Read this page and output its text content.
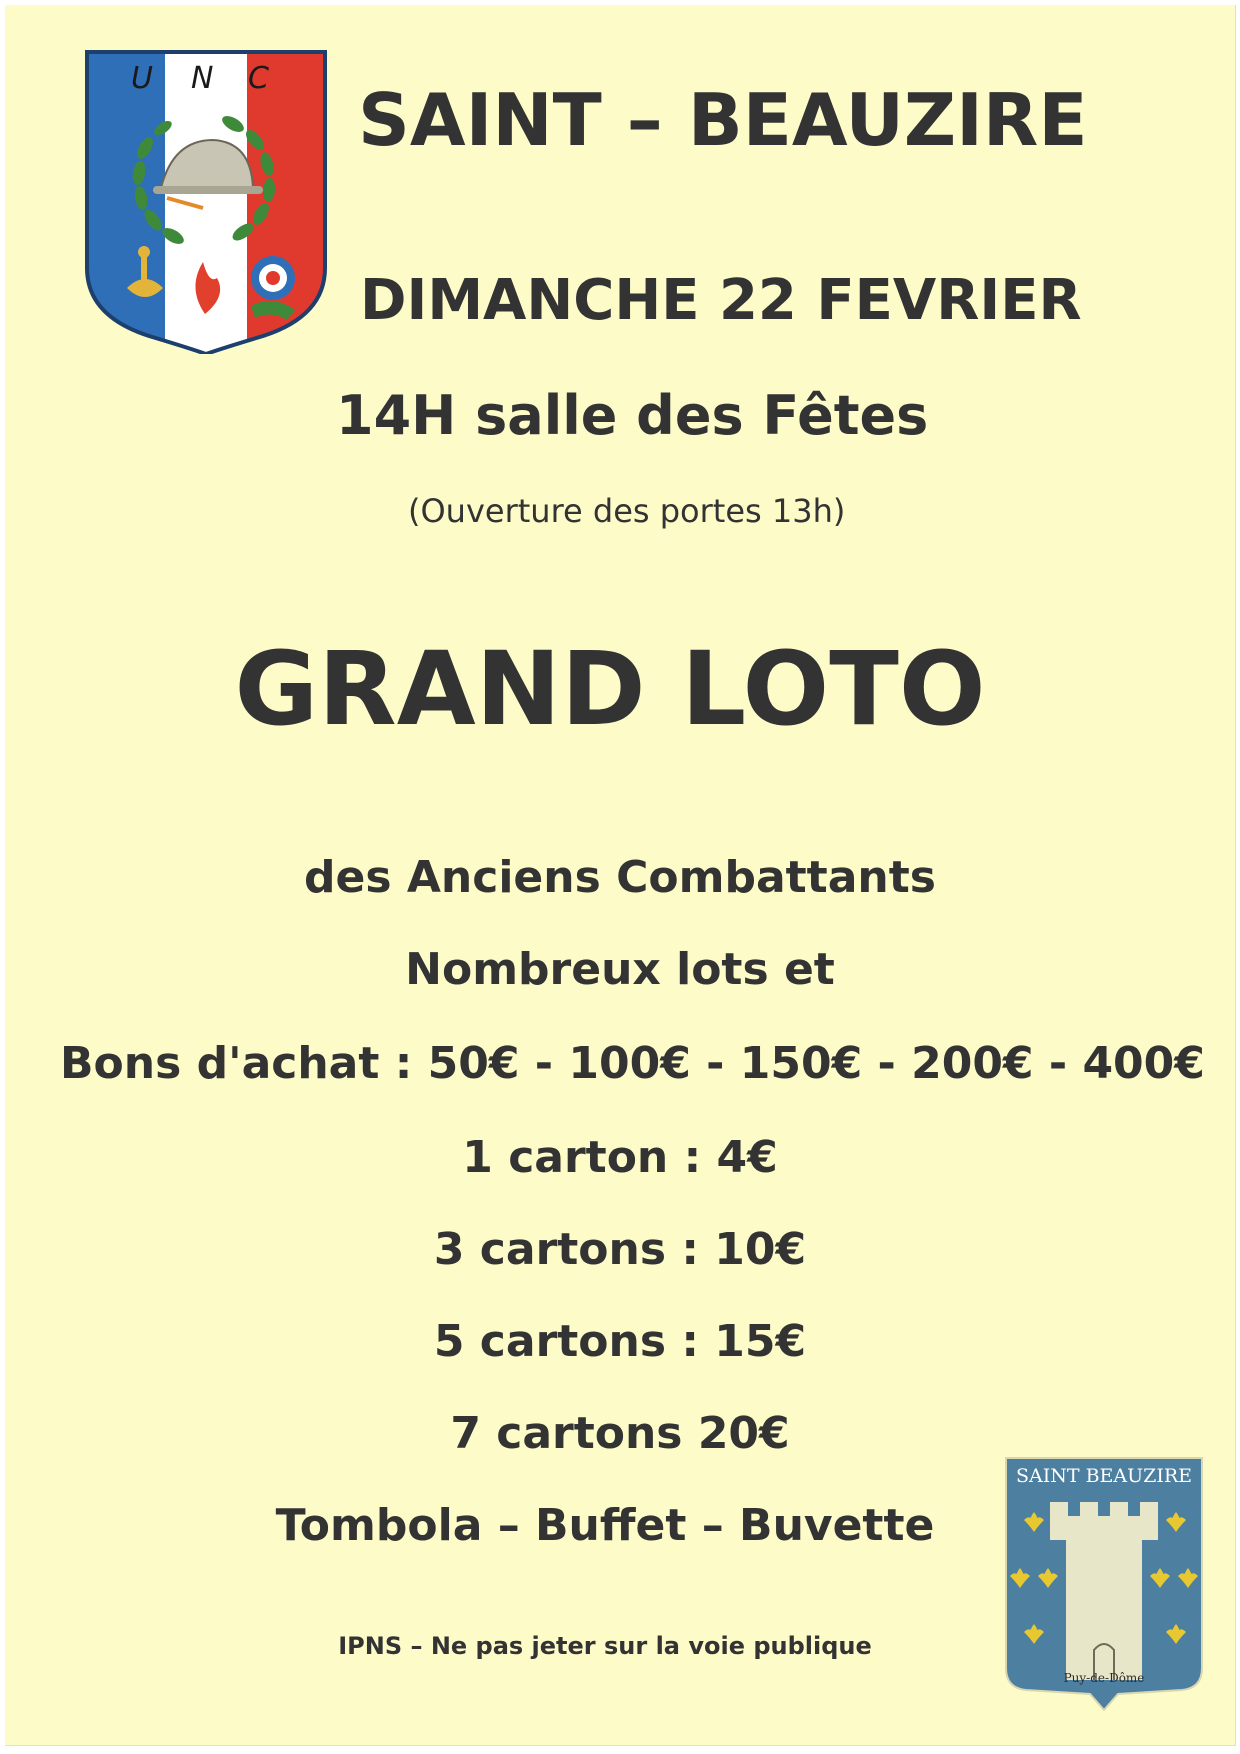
U N C SAINT – BEAUZIRE
DIMANCHE 22 FEVRIER
14H salle des Fêtes
(Ouverture des portes 13h)
GRAND LOTO
des Anciens Combattants
Nombreux lots et
Bons d'achat : 50€ - 100€ - 150€ - 200€ - 400€
1 carton : 4€
3 cartons : 10€
5 cartons : 15€
7 cartons 20€
Tombola – Buffet – Buvette
IPNS – Ne pas jeter sur la voie publique
SAINT BEAUZIRE
Puy-de-Dôme
